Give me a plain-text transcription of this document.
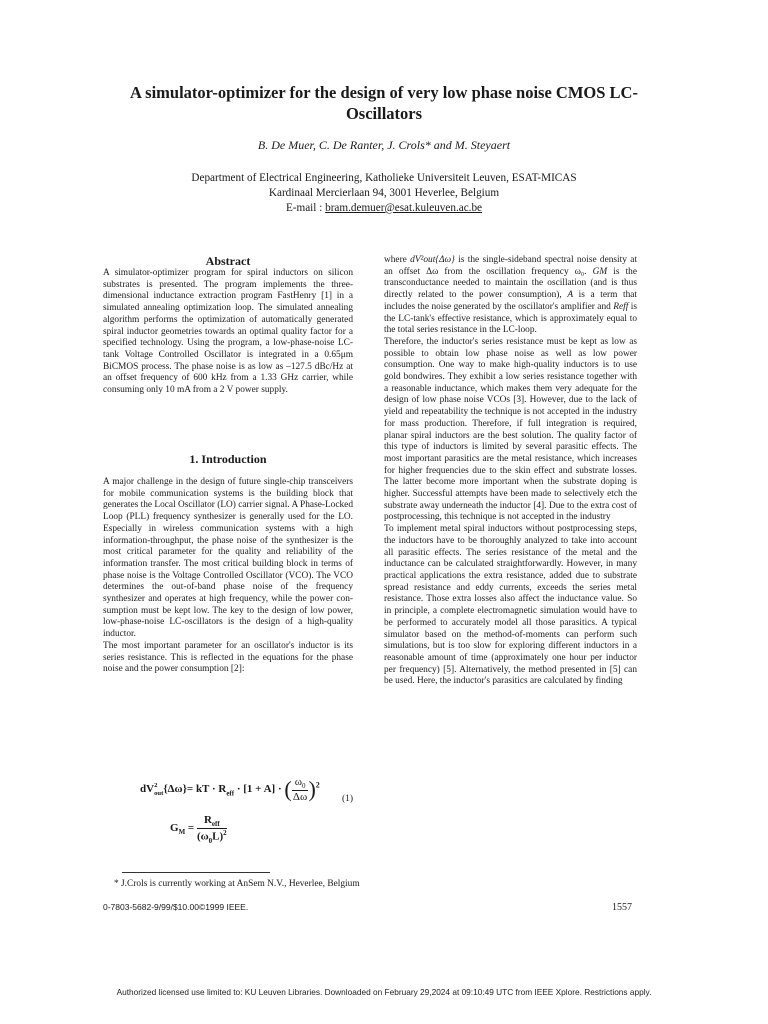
A simulator-optimizer for the design of very low phase noise CMOS LC-Oscillators
B. De Muer, C. De Ranter, J. Crols* and M. Steyaert
Department of Electrical Engineering, Katholieke Universiteit Leuven, ESAT-MICAS
Kardinaal Mercierlaan 94, 3001 Heverlee, Belgium
E-mail : bram.demuer@esat.kuleuven.ac.be
Abstract

A simulator-optimizer program for spiral inductors on silicon substrates is presented. The program implements the three-dimensional inductance extraction program FastHenry [1] in a simulated annealing optimization loop. The simulated annealing algorithm performs the optimization of automatically generated spiral inductor geometries towards an optimal quality factor for a specified technology. Using the program, a low-phase-noise LC-tank Voltage Controlled Oscillator is integrated in a 0.65μm BiCMOS process. The phase noise is as low as –127.5 dBc/Hz at an offset frequency of 600 kHz from a 1.33 GHz carrier, while consuming only 10 mA from a 2 V power supply.

1. Introduction

A major challenge in the design of future single-chip transceivers for mobile communication systems is the building block that generates the Local Oscillator (LO) carrier signal. A Phase-Locked Loop (PLL) frequency synthesizer is generally used for the LO. Especially in wireless communication systems with a high information-throughput, the phase noise of the synthesizer is the most critical parameter for the quality and reliability of the information transfer. The most critical building block in terms of phase noise is the Voltage Controlled Oscillator (VCO). The VCO determines the out-of-band phase noise of the frequency synthesizer and operates at high frequency, while the power consumption must be kept low. The key to the design of low power, low-phase-noise LC-oscillators is the design of a high-quality inductor.

The most important parameter for an oscillator's inductor is its series resistance. This is reflected in the equations for the phase noise and the power consumption [2]:

dV 2
out {Δω}= kT · $R_{eff} \cdot [1 + A]$ · ( $\frac{\omega_0}{\Delta\omega} )^2$
(1)
$G_M$ =
$R_{eff}$
$(\omega_0L)^2$

where dV²out{Δω} is the single-sideband spectral noise density at an offset Δω from the oscillation frequency ω₀. GM is the transconductance needed to maintain the oscillation (and is thus directly related to the power consumption), A is a term that includes the noise generated by the oscillator's amplifier and Reff is the LC-tank's effective resistance, which is approximately equal to the total series resistance in the LC-loop.

Therefore, the inductor's series resistance must be kept as low as possible to obtain low phase noise as well as low power consumption. One way to make high-quality inductors is to use gold bondwires. They exhibit a low series resistance together with a reasonable inductance, which makes them very adequate for the design of low phase noise VCOs [3]. However, due to the lack of yield and repeatability the technique is not accepted in the industry for mass production. Therefore, if full integration is required, planar spiral inductors are the best solution. The quality factor of this type of inductors is limited by several parasitic effects. The most important parasitics are the metal resistance, which increases for higher frequencies due to the skin effect and substrate losses. The latter become more important when the substrate doping is higher. Successful attempts have been made to selectively etch the substrate away underneath the inductor [4]. Due to the extra cost of postprocessing, this technique is not accepted in the industry

To implement metal spiral inductors without postprocessing steps, the inductors have to be thoroughly analyzed to take into account all parasitic effects. The series resistance of the metal and the inductance can be calculated straightforwardly. However, in many practical applications the extra resistance, added due to substrate spread resistance and eddy currents, exceeds the series metal resistance. Those extra losses also affect the inductance value. So in principle, a complete electromagnetic simulation would have to be performed to accurately model all those parasitics. A typical simulator based on the method-of-moments can perform such simulations, but is too slow for exploring different inductors in a reasonable amount of time (approximately one hour per inductor per frequency) [5]. Alternatively, the method presented in [5] can be used. Here, the inductor's parasitics are calculated by finding

* J.Crols is currently working at AnSem N.V., Heverlee, Belgium
0-7803-5682-9/99/$10.00©1999 IEEE.	1557
Authorized licensed use limited to: KU Leuven Libraries. Downloaded on February 29,2024 at 09:10:49 UTC from IEEE Xplore. Restrictions apply.
